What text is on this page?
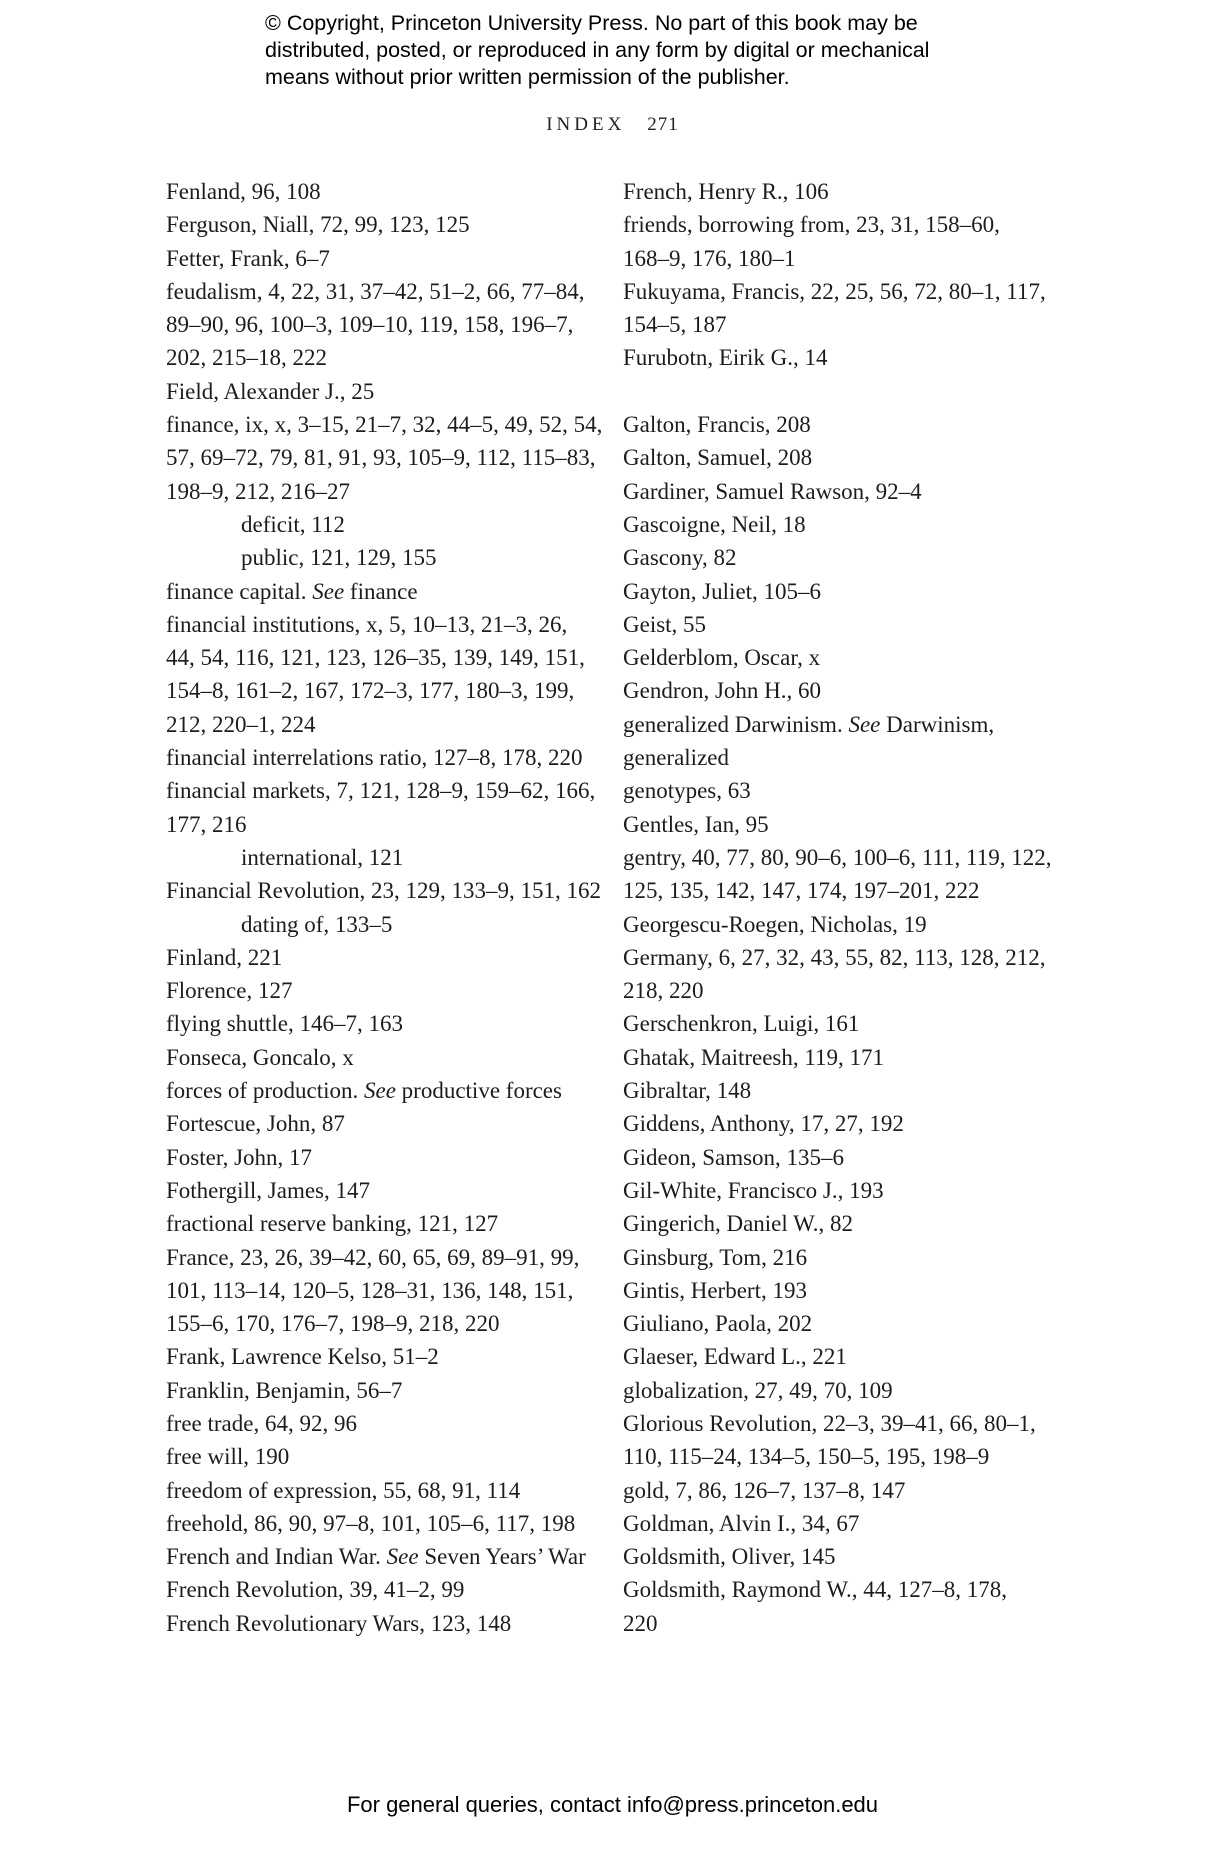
© Copyright, Princeton University Press. No part of this book may be
distributed, posted, or reproduced in any form by digital or mechanical
means without prior written permission of the publisher.
INDEX 271
Fenland, 96, 108
Ferguson, Niall, 72, 99, 123, 125
Fetter, Frank, 6–7
feudalism, 4, 22, 31, 37–42, 51–2, 66, 77–84,
89–90, 96, 100–3, 109–10, 119, 158, 196–7,
202, 215–18, 222
Field, Alexander J., 25
finance, ix, x, 3–15, 21–7, 32, 44–5, 49, 52, 54,
57, 69–72, 79, 81, 91, 93, 105–9, 112, 115–83,
198–9, 212, 216–27
deficit, 112
public, 121, 129, 155
finance capital. See finance
financial institutions, x, 5, 10–13, 21–3, 26,
44, 54, 116, 121, 123, 126–35, 139, 149, 151,
154–8, 161–2, 167, 172–3, 177, 180–3, 199,
212, 220–1, 224
financial interrelations ratio, 127–8, 178, 220
financial markets, 7, 121, 128–9, 159–62, 166,
177, 216
international, 121
Financial Revolution, 23, 129, 133–9, 151, 162
dating of, 133–5
Finland, 221
Florence, 127
flying shuttle, 146–7, 163
Fonseca, Goncalo, x
forces of production. See productive forces
Fortescue, John, 87
Foster, John, 17
Fothergill, James, 147
fractional reserve banking, 121, 127
France, 23, 26, 39–42, 60, 65, 69, 89–91, 99,
101, 113–14, 120–5, 128–31, 136, 148, 151,
155–6, 170, 176–7, 198–9, 218, 220
Frank, Lawrence Kelso, 51–2
Franklin, Benjamin, 56–7
free trade, 64, 92, 96
free will, 190
freedom of expression, 55, 68, 91, 114
freehold, 86, 90, 97–8, 101, 105–6, 117, 198
French and Indian War. See Seven Years’ War
French Revolution, 39, 41–2, 99
French Revolutionary Wars, 123, 148
French, Henry R., 106
friends, borrowing from, 23, 31, 158–60,
168–9, 176, 180–1
Fukuyama, Francis, 22, 25, 56, 72, 80–1, 117,
154–5, 187
Furubotn, Eirik G., 14
Galton, Francis, 208
Galton, Samuel, 208
Gardiner, Samuel Rawson, 92–4
Gascoigne, Neil, 18
Gascony, 82
Gayton, Juliet, 105–6
Geist, 55
Gelderblom, Oscar, x
Gendron, John H., 60
generalized Darwinism. See Darwinism,
generalized
genotypes, 63
Gentles, Ian, 95
gentry, 40, 77, 80, 90–6, 100–6, 111, 119, 122,
125, 135, 142, 147, 174, 197–201, 222
Georgescu-Roegen, Nicholas, 19
Germany, 6, 27, 32, 43, 55, 82, 113, 128, 212,
218, 220
Gerschenkron, Luigi, 161
Ghatak, Maitreesh, 119, 171
Gibraltar, 148
Giddens, Anthony, 17, 27, 192
Gideon, Samson, 135–6
Gil-White, Francisco J., 193
Gingerich, Daniel W., 82
Ginsburg, Tom, 216
Gintis, Herbert, 193
Giuliano, Paola, 202
Glaeser, Edward L., 221
globalization, 27, 49, 70, 109
Glorious Revolution, 22–3, 39–41, 66, 80–1,
110, 115–24, 134–5, 150–5, 195, 198–9
gold, 7, 86, 126–7, 137–8, 147
Goldman, Alvin I., 34, 67
Goldsmith, Oliver, 145
Goldsmith, Raymond W., 44, 127–8, 178,
220
For general queries, contact info@press.princeton.edu
